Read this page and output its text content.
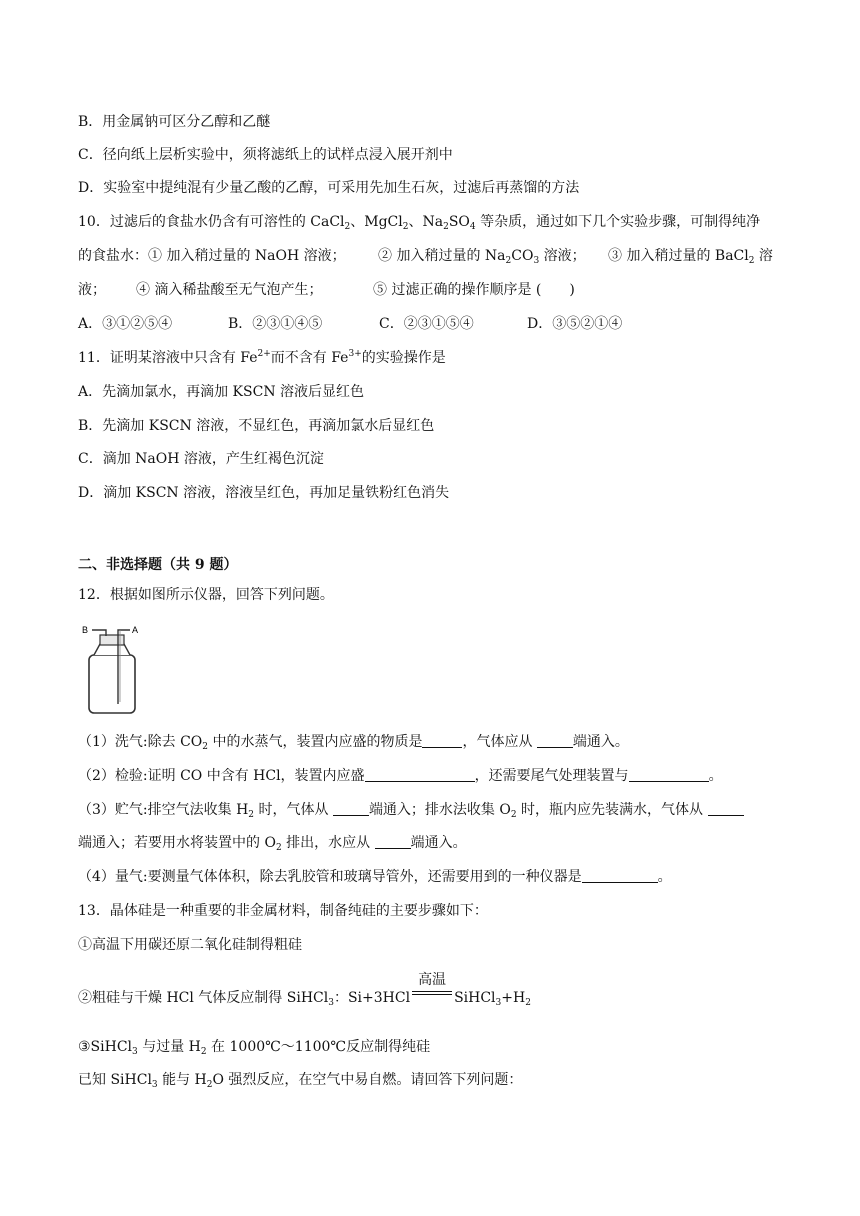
B．用金属钠可区分乙醇和乙醚
C．径向纸上层析实验中，须将滤纸上的试样点浸入展开剂中
D．实验室中提纯混有少量乙酸的乙醇，可采用先加生石灰，过滤后再蒸馏的方法
10．过滤后的食盐水仍含有可溶性的 CaCl$_2$、MgCl$_2$、$Na_2SO_4$ 等杂质，通过如下几个实验步骤，可制得纯净
的食盐水：① 加入稍过量的 NaOH 溶液； ② 加入稍过量的 $Na_2CO_3$ 溶液； ③ 加入稍过量的 BaCl$_2$ 溶
液； ④ 滴入稀盐酸至无气泡产生；	⑤ 过滤正确的操作顺序是 (　　)
A．③①②⑤④	B．②③①④⑤	C．②③①⑤④	D．③⑤②①④
11．证明某溶液中只含有 $Fe^{2+}$而不含有 $Fe^{3+}$的实验操作是
A．先滴加氯水，再滴加 KSCN 溶液后显红色
B．先滴加 KSCN 溶液，不显红色，再滴加氯水后显红色
C．滴加 NaOH 溶液，产生红褐色沉淀
D．滴加 KSCN 溶液，溶液呈红色，再加足量铁粉红色消失
二、非选择题（共 9 题）
12．根据如图所示仪器，回答下列问题。
B	A
（1）洗气:除去 $CO_2$ 中的水蒸气，装置内应盛的物质是	，气体应从	端通入。
（2）检验:证明 CO 中含有 HCl，装置内应盛	，还需要尾气处理装置与	。
（3）贮气:排空气法收集 $H_2$ 时，气体从	端通入；排水法收集 $O_2$ 时，瓶内应先装满水，气体从
端通入；若要用水将装置中的 $O_2$ 排出，水应从	端通入。
（4）量气:要测量气体体积，除去乳胶管和玻璃导管外，还需要用到的一种仪器是	。
13．晶体硅是一种重要的非金属材料，制备纯硅的主要步骤如下：
①高温下用碳还原二氧化硅制得粗硅
②粗硅与干燥 HCl 气体反应制得 SiHCl$_3$：Si+3HCl
高温
$SiHCl_3+H_2$
③SiHCl$_3$ 与过量 $H_2$ 在 1000℃～1100℃反应制得纯硅
已知 SiHCl$_3$ 能与 $H_2O$ 强烈反应，在空气中易自燃。请回答下列问题：
